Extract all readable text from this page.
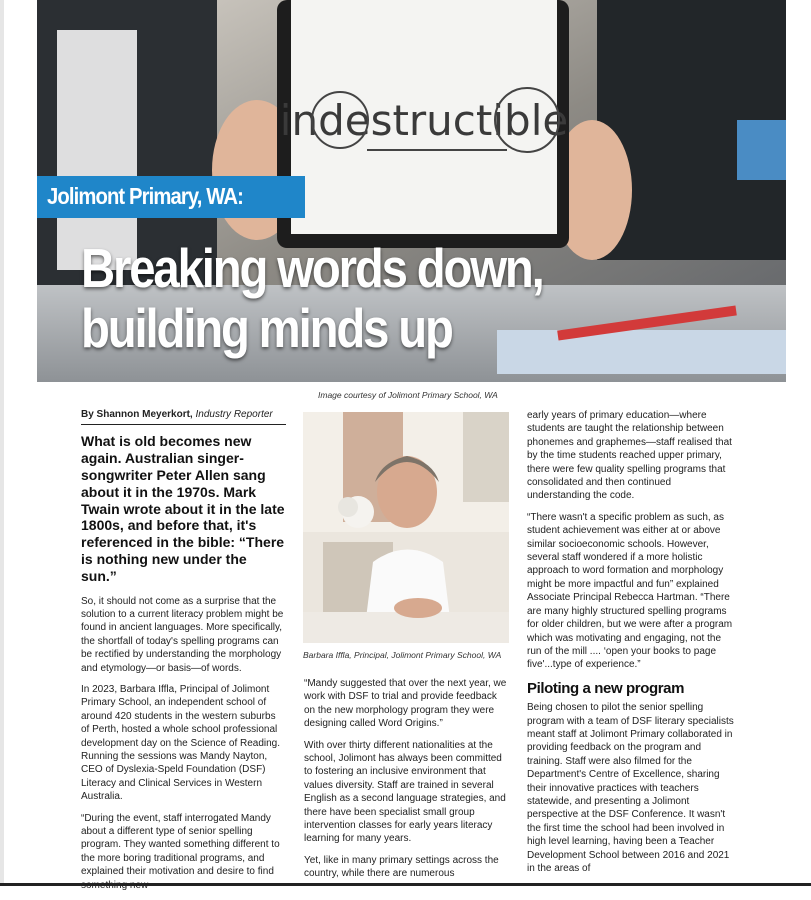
indestructible
Breaking words down,
building minds up
Jolimont Primary, WA:
Image courtesy of Jolimont Primary School, WA

By Shannon Meyerkort, Industry Reporter

What is old becomes new again. Australian singer-songwriter Peter Allen sang about it in the 1970s. Mark Twain wrote about it in the late 1800s, and before that, it's referenced in the bible: “There is nothing new under the sun.”

So, it should not come as a surprise that the solution to a current literacy problem might be found in ancient languages. More specifically, the shortfall of today's spelling programs can be rectified by understanding the morphology and etymology—or basis—of words.

In 2023, Barbara Iffla, Principal of Jolimont Primary School, an independent school of around 420 students in the western suburbs of Perth, hosted a whole school professional development day on the Science of Reading. Running the sessions was Mandy Nayton, CEO of Dyslexia-Speld Foundation (DSF) Literacy and Clinical Services in Western Australia.

“During the event, staff interrogated Mandy about a different type of senior spelling program. They wanted something different to the more boring traditional programs, and explained their motivation and desire to find

Barbara Iffla, Principal, Jolimont Primary School, WA

“Mandy suggested that over the next year, we work with DSF to trial and provide feedback on the new morphology program they were designing called Word Origins.”

With over thirty different nationalities at the school, Jolimont has always been committed to fostering an inclusive environment that values diversity. Staff are trained in several English as a second language strategies, and there have been specialist small group intervention classes for early years literacy learning for many years.

Yet, like in many primary settings across the country, while there are numerous

early years of primary education—where students are taught the relationship between phonemes and graphemes—staff realised that by the time students reached upper primary, there were few quality spelling programs that consolidated and then continued understanding the code.

“There wasn't a specific problem as such, as student achievement was either at or above similar socioeconomic schools. However, several staff wondered if a more holistic approach to word formation and morphology might be more impactful and fun” explained Associate Principal Rebecca Hartman. “There are many highly structured spelling programs for older children, but we were after a program which was motivating and engaging, not the run of the mill .... ‘open your books to page five'...type of experience.”

Piloting a new program

Being chosen to pilot the senior spelling program with a team of DSF literary specialists meant staff at Jolimont Primary collaborated in providing feedback on the program and training. Staff were also filmed for the Department's Centre of Excellence, sharing their innovative practices with teachers statewide, and presenting a Jolimont perspective at the DSF Conference. It wasn't the first time the school had been involved in high level learning, having been a Teacher Development School between 2016 and 2021 in the areas of
